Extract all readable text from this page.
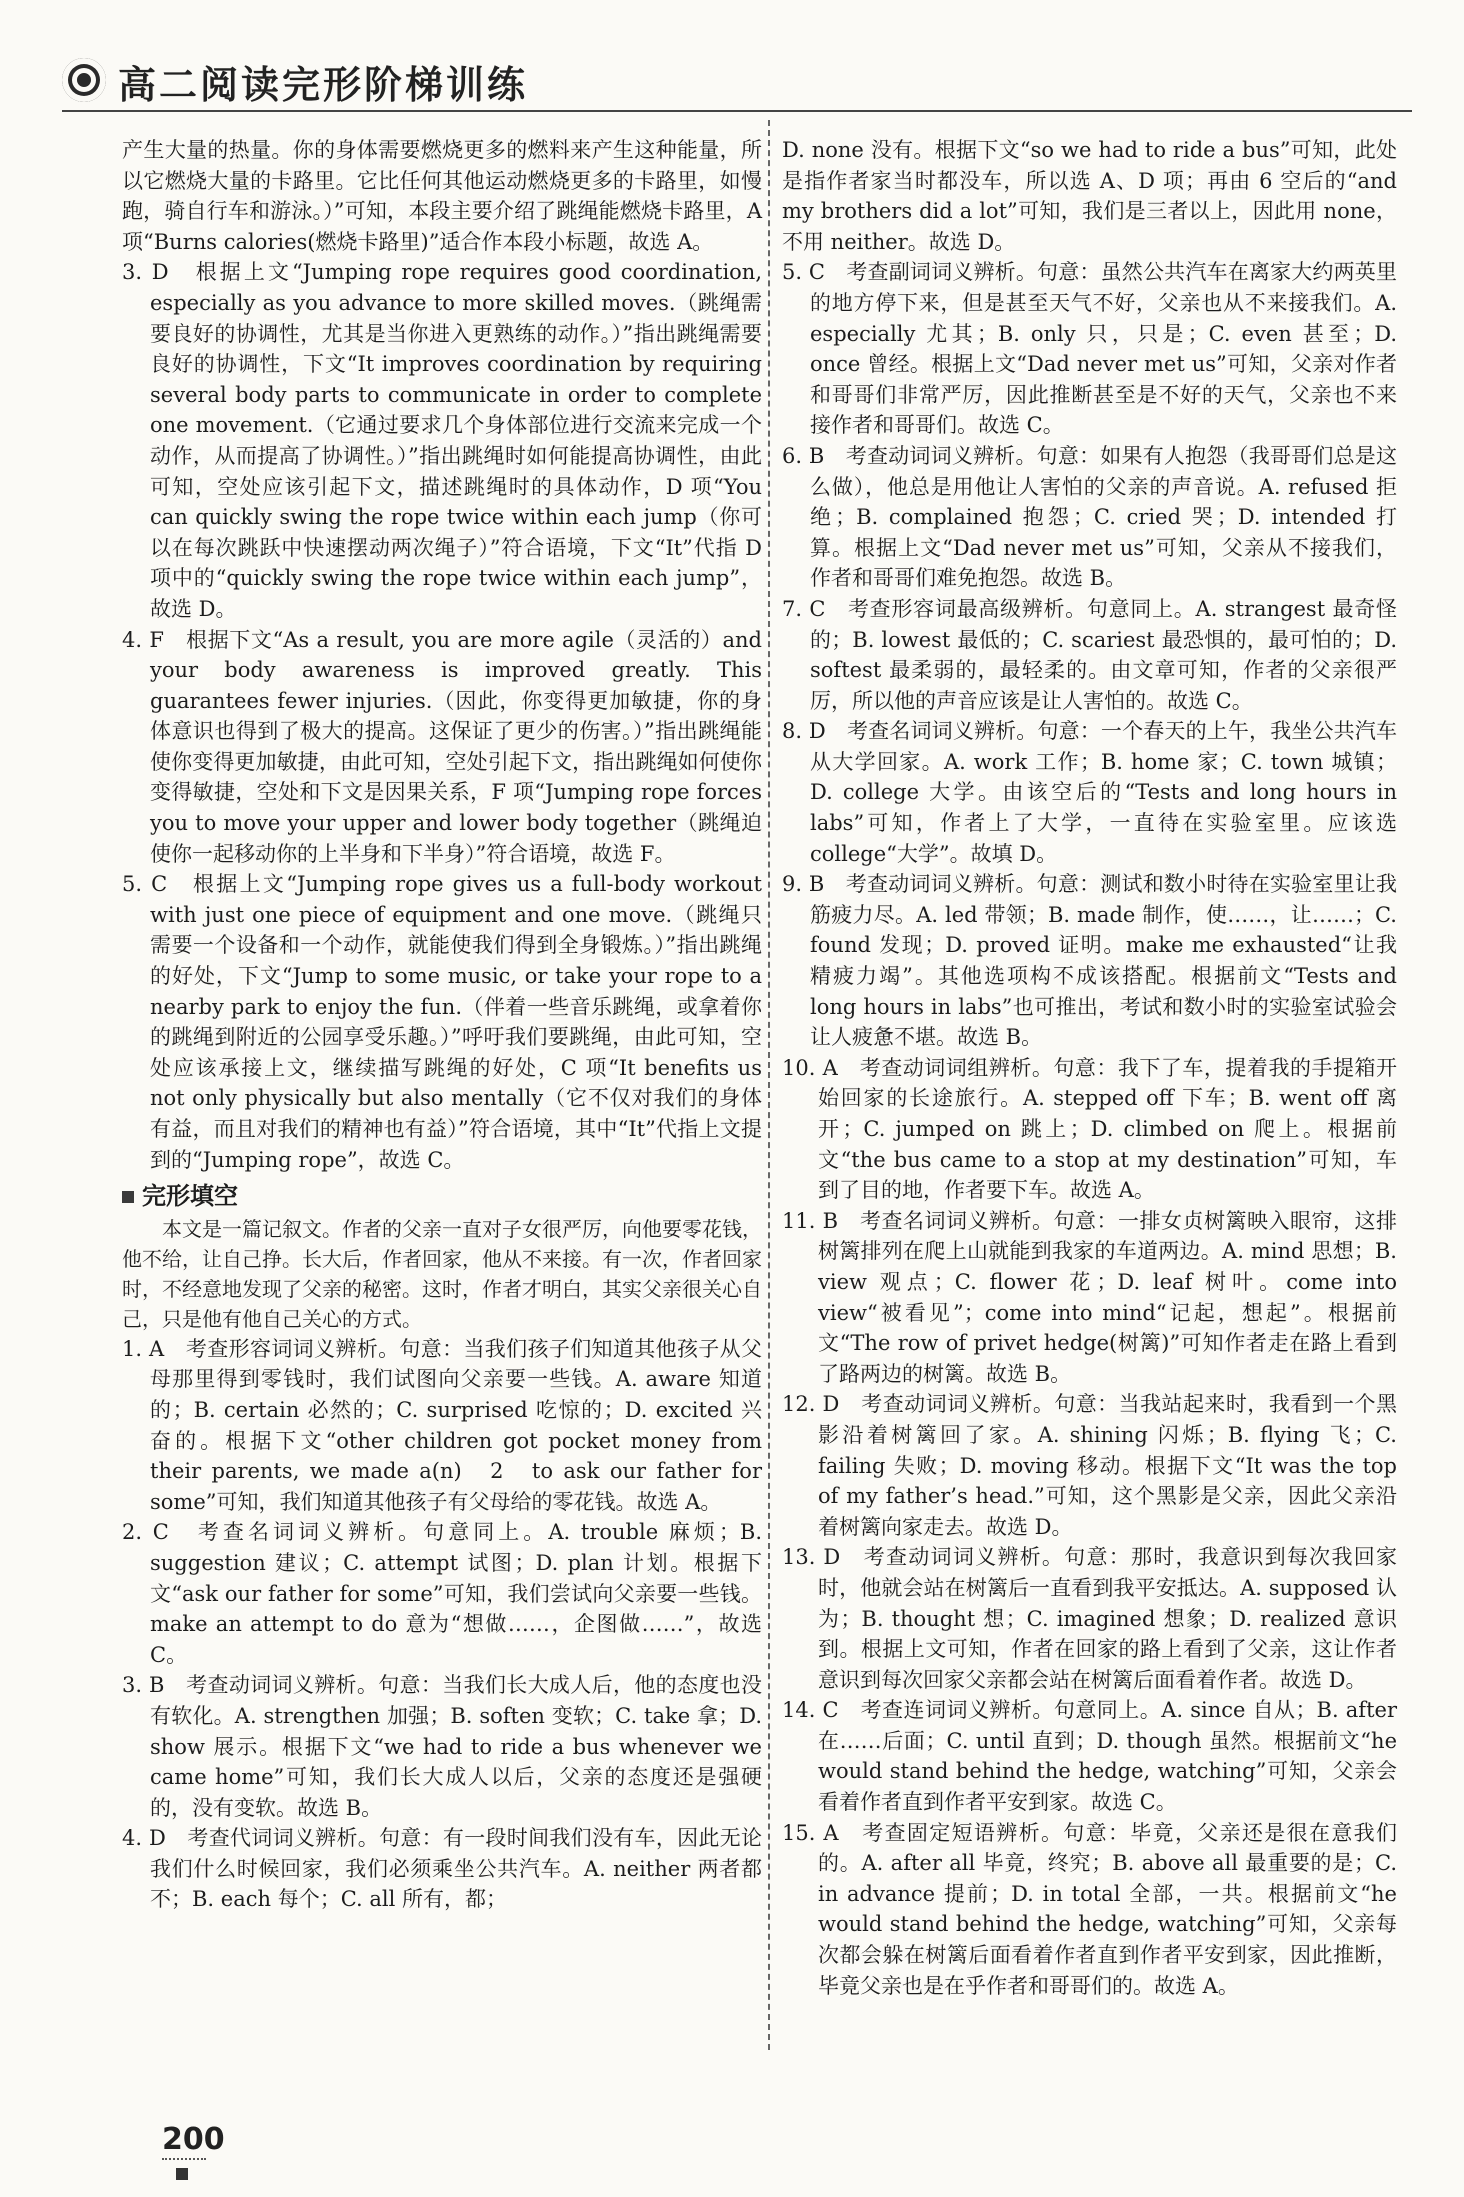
高二阅读完形阶梯训练

产生大量的热量。你的身体需要燃烧更多的燃料来产生这种能量，所以它燃烧大量的卡路里。它比任何其他运动燃烧更多的卡路里，如慢跑，骑自行车和游泳。）”可知，本段主要介绍了跳绳能燃烧卡路里，A 项“Burns calories(燃烧卡路里)”适合作本段小标题，故选 A。

3. D　根据上文“Jumping rope requires good coordination, especially as you advance to more skilled moves.（跳绳需要良好的协调性，尤其是当你进入更熟练的动作。）”指出跳绳需要良好的协调性，下文“It improves coordination by requiring several body parts to communicate in order to complete one movement.（它通过要求几个身体部位进行交流来完成一个动作，从而提高了协调性。）”指出跳绳时如何能提高协调性，由此可知，空处应该引起下文，描述跳绳时的具体动作，D 项“You can quickly swing the rope twice within each jump（你可以在每次跳跃中快速摆动两次绳子）”符合语境，下文“It”代指 D 项中的“quickly swing the rope twice within each jump”，故选 D。

4. F　根据下文“As a result, you are more agile（灵活的）and your body awareness is improved greatly. This guarantees fewer injuries.（因此，你变得更加敏捷，你的身体意识也得到了极大的提高。这保证了更少的伤害。）”指出跳绳能使你变得更加敏捷，由此可知，空处引起下文，指出跳绳如何使你变得敏捷，空处和下文是因果关系，F 项“Jumping rope forces you to move your upper and lower body together（跳绳迫使你一起移动你的上半身和下半身）”符合语境，故选 F。

5. C　根据上文“Jumping rope gives us a full-body workout with just one piece of equipment and one move.（跳绳只需要一个设备和一个动作，就能使我们得到全身锻炼。）”指出跳绳的好处，下文“Jump to some music, or take your rope to a nearby park to enjoy the fun.（伴着一些音乐跳绳，或拿着你的跳绳到附近的公园享受乐趣。）”呼吁我们要跳绳，由此可知，空处应该承接上文，继续描写跳绳的好处，C 项“It benefits us not only physically but also mentally（它不仅对我们的身体有益，而且对我们的精神也有益）”符合语境，其中“It”代指上文提到的“Jumping rope”，故选 C。

完形填空

本文是一篇记叙文。作者的父亲一直对子女很严厉，向他要零花钱，他不给，让自己挣。长大后，作者回家，他从不来接。有一次，作者回家时，不经意地发现了父亲的秘密。这时，作者才明白，其实父亲很关心自己，只是他有他自己关心的方式。

1. A　考查形容词词义辨析。句意：当我们孩子们知道其他孩子从父母那里得到零钱时，我们试图向父亲要一些钱。A. aware 知道的；B. certain 必然的；C. surprised 吃惊的；D. excited 兴奋的。根据下文“other children got pocket money from their parents, we made a(n)　2　to ask our father for some”可知，我们知道其他孩子有父母给的零花钱。故选 A。

2. C　考查名词词义辨析。句意同上。A. trouble 麻烦；B. suggestion 建议；C. attempt 试图；D. plan 计划。根据下文“ask our father for some”可知，我们尝试向父亲要一些钱。make an attempt to do 意为“想做……，企图做……”，故选 C。

3. B　考查动词词义辨析。句意：当我们长大成人后，他的态度也没有软化。A. strengthen 加强；B. soften 变软；C. take 拿；D. show 展示。根据下文“we had to ride a bus whenever we came home”可知，我们长大成人以后，父亲的态度还是强硬的，没有变软。故选 B。

4. D　考查代词词义辨析。句意：有一段时间我们没有车，因此无论我们什么时候回家，我们必须乘坐公共汽车。A. neither 两者都不；B. each 每个；C. all 所有，都；

D. none 没有。根据下文“so we had to ride a bus”可知，此处是指作者家当时都没车，所以选 A、D 项；再由 6 空后的“and my brothers did a lot”可知，我们是三者以上，因此用 none，不用 neither。故选 D。

5. C　考查副词词义辨析。句意：虽然公共汽车在离家大约两英里的地方停下来，但是甚至天气不好，父亲也从不来接我们。A. especially 尤其；B. only 只，只是；C. even 甚至；D. once 曾经。根据上文“Dad never met us”可知，父亲对作者和哥哥们非常严厉，因此推断甚至是不好的天气，父亲也不来接作者和哥哥们。故选 C。

6. B　考查动词词义辨析。句意：如果有人抱怨（我哥哥们总是这么做），他总是用他让人害怕的父亲的声音说。A. refused 拒绝；B. complained 抱怨；C. cried 哭；D. intended 打算。根据上文“Dad never met us”可知，父亲从不接我们，作者和哥哥们难免抱怨。故选 B。

7. C　考查形容词最高级辨析。句意同上。A. strangest 最奇怪的；B. lowest 最低的；C. scariest 最恐惧的，最可怕的；D. softest 最柔弱的，最轻柔的。由文章可知，作者的父亲很严厉，所以他的声音应该是让人害怕的。故选 C。

8. D　考查名词词义辨析。句意：一个春天的上午，我坐公共汽车从大学回家。A. work 工作；B. home 家；C. town 城镇；D. college 大学。由该空后的“Tests and long hours in labs”可知，作者上了大学，一直待在实验室里。应该选 college“大学”。故填 D。

9. B　考查动词词义辨析。句意：测试和数小时待在实验室里让我筋疲力尽。A. led 带领；B. made 制作，使……，让……；C. found 发现；D. proved 证明。make me exhausted“让我精疲力竭”。其他选项构不成该搭配。根据前文“Tests and long hours in labs”也可推出，考试和数小时的实验室试验会让人疲惫不堪。故选 B。

10. A　考查动词词组辨析。句意：我下了车，提着我的手提箱开始回家的长途旅行。A. stepped off 下车；B. went off 离开；C. jumped on 跳上；D. climbed on 爬上。根据前文“the bus came to a stop at my destination”可知，车到了目的地，作者要下车。故选 A。

11. B　考查名词词义辨析。句意：一排女贞树篱映入眼帘，这排树篱排列在爬上山就能到我家的车道两边。A. mind 思想；B. view 观点；C. flower 花；D. leaf 树叶。come into view“被看见”；come into mind“记起，想起”。根据前文“The row of privet hedge(树篱)”可知作者走在路上看到了路两边的树篱。故选 B。

12. D　考查动词词义辨析。句意：当我站起来时，我看到一个黑影沿着树篱回了家。A. shining 闪烁；B. flying 飞；C. failing 失败；D. moving 移动。根据下文“It was the top of my father’s head.”可知，这个黑影是父亲，因此父亲沿着树篱向家走去。故选 D。

13. D　考查动词词义辨析。句意：那时，我意识到每次我回家时，他就会站在树篱后一直看到我平安抵达。A. supposed 认为；B. thought 想；C. imagined 想象；D. realized 意识到。根据上文可知，作者在回家的路上看到了父亲，这让作者意识到每次回家父亲都会站在树篱后面看着作者。故选 D。

14. C　考查连词词义辨析。句意同上。A. since 自从；B. after 在……后面；C. until 直到；D. though 虽然。根据前文“he would stand behind the hedge, watching”可知，父亲会看着作者直到作者平安到家。故选 C。

15. A　考查固定短语辨析。句意：毕竟，父亲还是很在意我们的。A. after all 毕竟，终究；B. above all 最重要的是；C. in advance 提前；D. in total 全部，一共。根据前文“he would stand behind the hedge, watching”可知，父亲每次都会躲在树篱后面看着作者直到作者平安到家，因此推断，毕竟父亲也是在乎作者和哥哥们的。故选 A。

200
